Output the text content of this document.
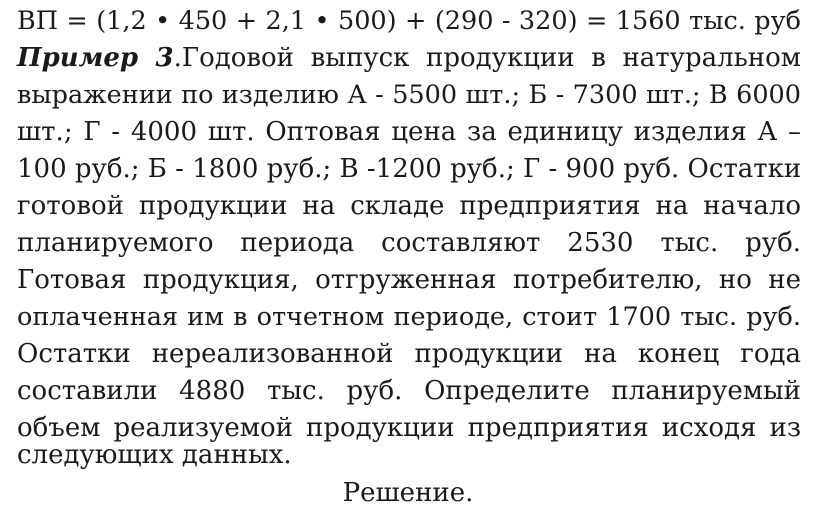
ВП = (1,2 • 450 + 2,1 • 500) + (290 - 320) = 1560 тыс. руб
Пример 3.Годовой выпуск продукции в натуральном
выражении по изделию А - 5500 шт.; Б - 7300 шт.; В 6000
шт.; Г - 4000 шт. Оптовая цена за единицу изделия А –
100 руб.; Б - 1800 руб.; В -1200 руб.; Г - 900 руб. Остатки
готовой продукции на складе предприятия на начало
планируемого периода составляют 2530 тыс. руб.
Готовая продукция, отгруженная потребителю, но не
оплаченная им в отчетном периоде, стоит 1700 тыс. руб.
Остатки нереализованной продукции на конец года
составили 4880 тыс. руб. Определите планируемый
объем реализуемой продукции предприятия исходя из
следующих данных.
Решение.
